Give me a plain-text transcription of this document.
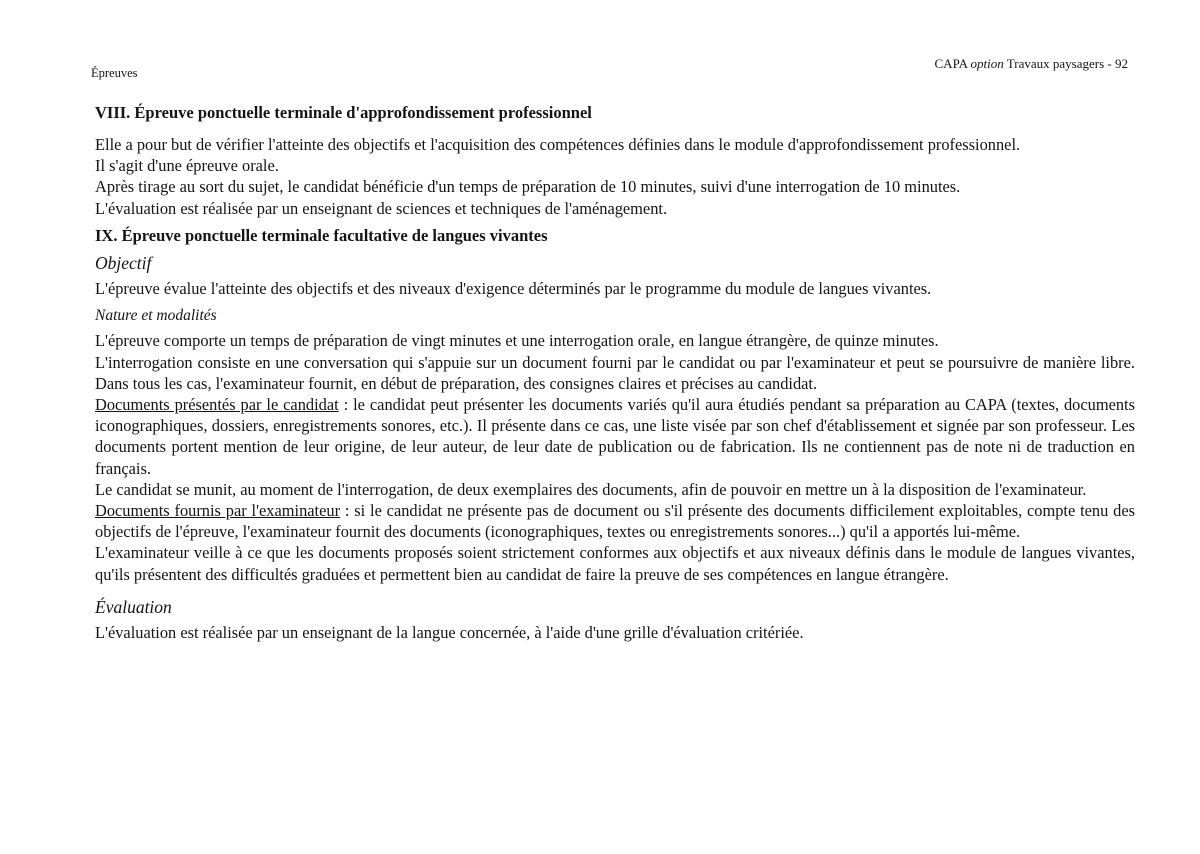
Épreuves
CAPA option Travaux paysagers - 92
VIII. Épreuve ponctuelle terminale d'approfondissement professionnel

Elle a pour but de vérifier l'atteinte des objectifs et l'acquisition des compétences définies dans le module d'approfondissement professionnel.

Il s'agit d'une épreuve orale.

Après tirage au sort du sujet, le candidat bénéficie d'un temps de préparation de 10 minutes, suivi d'une interrogation de 10 minutes.

L'évaluation est réalisée par un enseignant de sciences et techniques de l'aménagement.

IX. Épreuve ponctuelle terminale facultative de langues vivantes
Objectif

L'épreuve évalue l'atteinte des objectifs et des niveaux d'exigence déterminés par le programme du module de langues vivantes.

Nature et modalités

L'épreuve comporte un temps de préparation de vingt minutes et une interrogation orale, en langue étrangère, de quinze minutes.

L'interrogation consiste en une conversation qui s'appuie sur un document fourni par le candidat ou par l'examinateur et peut se poursuivre de manière libre. Dans tous les cas, l'examinateur fournit, en début de préparation, des consignes claires et précises au candidat.

Documents présentés par le candidat : le candidat peut présenter les documents variés qu'il aura étudiés pendant sa préparation au CAPA (textes, documents iconographiques, dossiers, enregistrements sonores, etc.). Il présente dans ce cas, une liste visée par son chef d'établissement et signée par son professeur. Les documents portent mention de leur origine, de leur auteur, de leur date de publication ou de fabrication. Ils ne contiennent pas de note ni de traduction en français.

Le candidat se munit, au moment de l'interrogation, de deux exemplaires des documents, afin de pouvoir en mettre un à la disposition de l'examinateur.

Documents fournis par l'examinateur : si le candidat ne présente pas de document ou s'il présente des documents difficilement exploitables, compte tenu des objectifs de l'épreuve, l'examinateur fournit des documents (iconographiques, textes ou enregistrements sonores...) qu'il a apportés lui-même.

L'examinateur veille à ce que les documents proposés soient strictement conformes aux objectifs et aux niveaux définis dans le module de langues vivantes, qu'ils présentent des difficultés graduées et permettent bien au candidat de faire la preuve de ses compétences en langue étrangère.

Évaluation

L'évaluation est réalisée par un enseignant de la langue concernée, à l'aide d'une grille d'évaluation critériée.
